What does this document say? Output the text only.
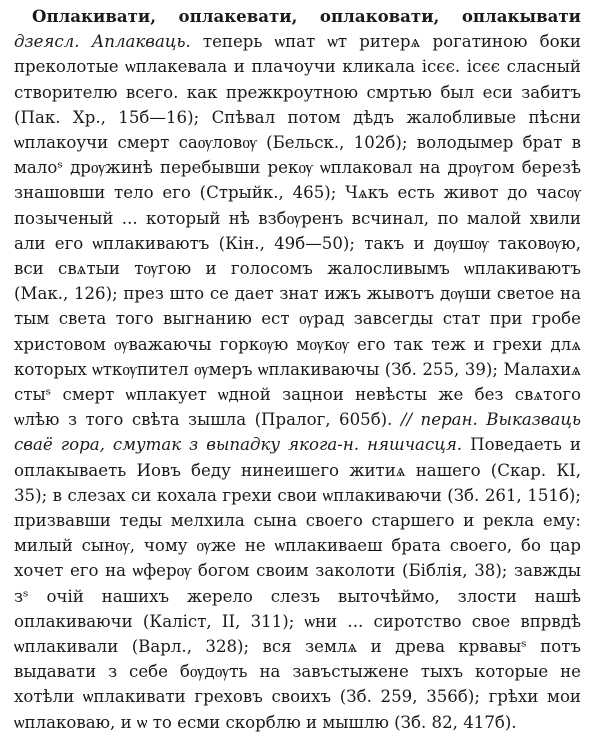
Оплакивати, оплакевати, оплаковати, оплакывати дзеясл. Аплакваць. теперь ѡпат ѡт ритерѧ рогатиною боки преколотые ѡплакевала и плачоучи кликала ісєє. ісєє сласный створителю всего. как прежкроутною смртью был еси забитъ (Пак. Хр., 15б—16); Спѣвал потом дѣдъ жалобливые пѣсни ѡплакоучи смерт саѹловѹ (Бельск., 102б); володымер брат в малоˢ дрѹжинѣ перебывши рекѹ ѡплаковал на дрѹгом березѣ знашовши тело его (Стрыйк., 465); Чѧкъ есть живот до часѹ позыченый ... который нѣ взбѹренъ всчинал, по малой хвили али его ѡплакиваютъ (Кін., 49б—50); такъ и дѹшѹ таковѹю, вси свѧтыи тѹгою и голосомъ жалосливымъ ѡплакиваютъ (Мак., 126); през што се дает знат ижъ жывотъ дѹши светое на тым света того выгнанию ест ѹрад завсегды стат при гробе христовом ѹважаючы горкѹю мѹкѹ его так теж и грехи длѧ которых ѡткѹпител ѹмеръ ѡплакиваючы (Зб. 255, 39); Малахиѧ стыˢ смерт ѡплакует ѡдной зацнои невѣсты же без свѧтого ѡлѣю з того свѣта зышла (Пралог, 605б). // перан. Выказваць сваё гора, смутак з выпадку якога-н. няшчасця. Поведаеть и оплакываеть Иовъ беду нинеишего житиѧ нашего (Скар. КІ, 35); в слезах си кохала грехи свои ѡплакиваючи (Зб. 261, 151б); призвавши теды мелхила сына своего старшего и рекла ему: милый сынѹ, чому ѹже не ѡплакиваеш брата своего, бо цар хочет его на ѡферѹ богом своим заколоти (Біблія, 38); завжды зˢ очій нашихъ жерело слезъ выточѣймо, злости нашѣ оплакиваючи (Каліст, II, 311); ѡни ... сиротство свое впрвдѣ ѡплакивали (Варл., 328); вся землѧ и древа крвавыˢ потъ выдавати з себе бѹдѹть на завъстыжене тыхъ которые не хотѣли ѡплакивати греховъ своихъ (Зб. 259, 356б); грѣхи мои ѡплаковаю, и ѡ то есми скорблю и мышлю (Зб. 82, 417б).
